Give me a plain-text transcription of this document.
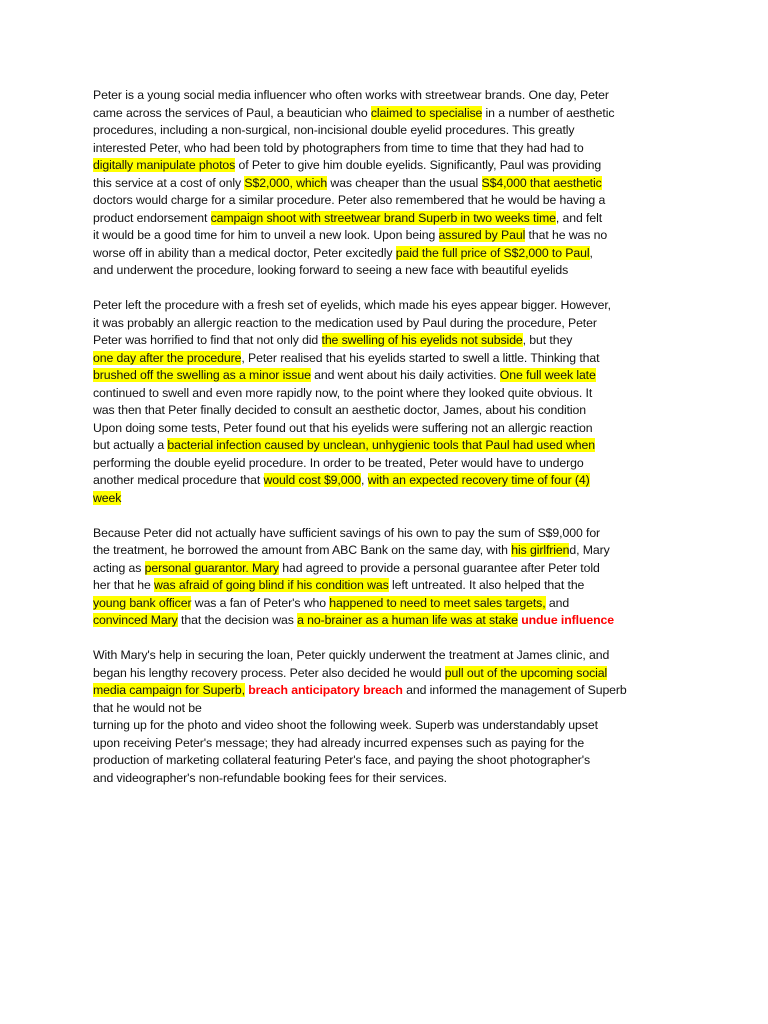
Peter is a young social media influencer who often works with streetwear brands. One day, Peter
came across the services of Paul, a beautician who claimed to specialise in a number of aesthetic
procedures, including a non-surgical, non-incisional double eyelid procedures. This greatly
interested Peter, who had been told by photographers from time to time that they had had to
digitally manipulate photos of Peter to give him double eyelids. Significantly, Paul was providing
this service at a cost of only S$2,000, which was cheaper than the usual S$4,000 that aesthetic
doctors would charge for a similar procedure. Peter also remembered that he would be having a
product endorsement campaign shoot with streetwear brand Superb in two weeks time, and felt
it would be a good time for him to unveil a new look. Upon being assured by Paul that he was no
worse off in ability than a medical doctor, Peter excitedly paid the full price of S$2,000 to Paul,
and underwent the procedure, looking forward to seeing a new face with beautiful eyelids
Peter left the procedure with a fresh set of eyelids, which made his eyes appear bigger. However,
it was probably an allergic reaction to the medication used by Paul during the procedure, Peter
Peter was horrified to find that not only did the swelling of his eyelids not subside, but they
one day after the procedure, Peter realised that his eyelids started to swell a little. Thinking that
brushed off the swelling as a minor issue and went about his daily activities. One full week late
continued to swell and even more rapidly now, to the point where they looked quite obvious. It
was then that Peter finally decided to consult an aesthetic doctor, James, about his condition
Upon doing some tests, Peter found out that his eyelids were suffering not an allergic reaction
but actually a bacterial infection caused by unclean, unhygienic tools that Paul had used when
performing the double eyelid procedure. In order to be treated, Peter would have to undergo
another medical procedure that would cost $9,000, with an expected recovery time of four (4)
week
Because Peter did not actually have sufficient savings of his own to pay the sum of S$9,000 for
the treatment, he borrowed the amount from ABC Bank on the same day, with his girlfriend, Mary
acting as personal guarantor. Mary had agreed to provide a personal guarantee after Peter told
her that he was afraid of going blind if his condition was left untreated. It also helped that the
young bank officer was a fan of Peter's who happened to need to meet sales targets, and
convinced Mary that the decision was a no-brainer as a human life was at stake undue influence
With Mary's help in securing the loan, Peter quickly underwent the treatment at James clinic, and
began his lengthy recovery process. Peter also decided he would pull out of the upcoming social
media campaign for Superb, breach anticipatory breach and informed the management of Superb
that he would not be
turning up for the photo and video shoot the following week. Superb was understandably upset
upon receiving Peter's message; they had already incurred expenses such as paying for the
production of marketing collateral featuring Peter's face, and paying the shoot photographer's
and videographer's non-refundable booking fees for their services.
